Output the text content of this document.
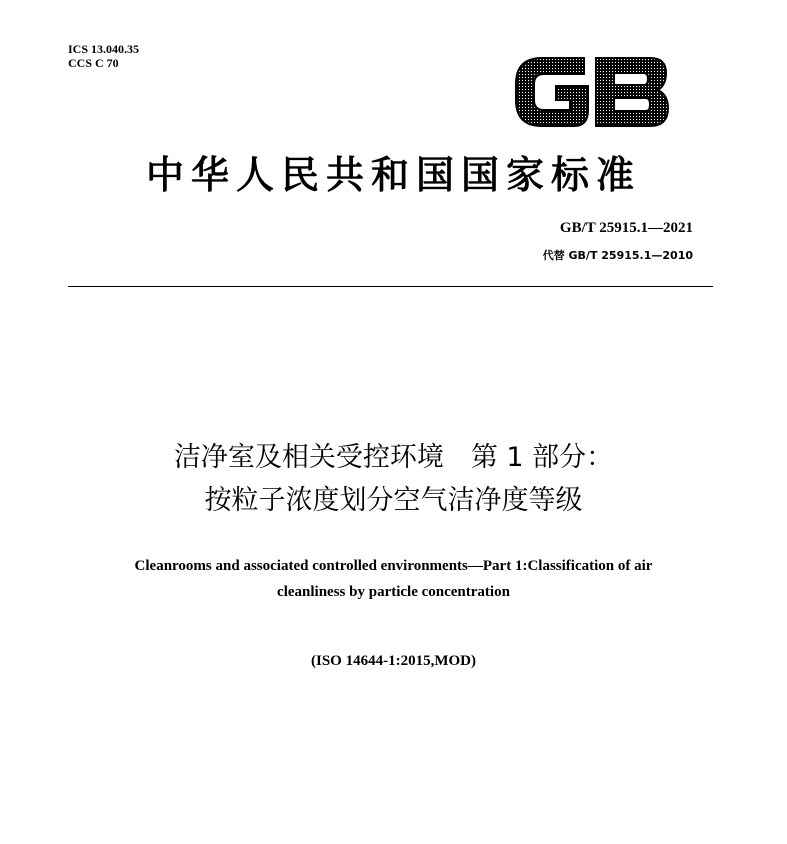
ICS 13.040.35
CCS C 70
中华人民共和国国家标准
GB/T 25915.1—2021
代替 GB/T 25915.1—2010
洁净室及相关受控环境　第 1 部分：
按粒子浓度划分空气洁净度等级
Cleanrooms and associated controlled environments—Part 1:Classification of air
cleanliness by particle concentration
(ISO 14644-1:2015,MOD)
